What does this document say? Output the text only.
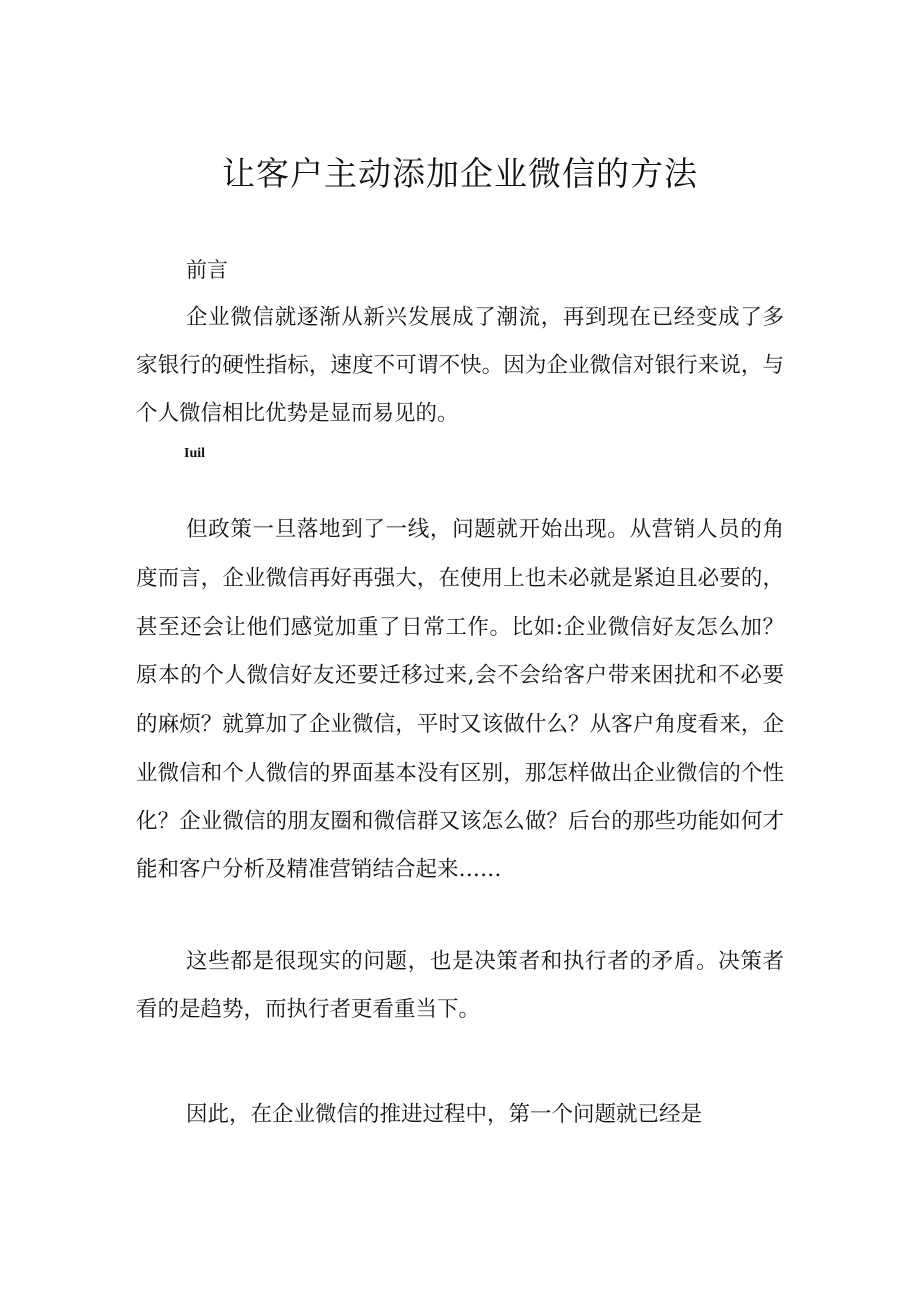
让客户主动添加企业微信的方法
前言
Iuil
企业微信就逐渐从新兴发展成了潮流，再到现在已经变成了多
家银行的硬性指标，速度不可谓不快。因为企业微信对银行来说，与
个人微信相比优势是显而易见的。
但政策一旦落地到了一线，问题就开始出现。从营销人员的角
度而言，企业微信再好再强大，在使用上也未必就是紧迫且必要的，
甚至还会让他们感觉加重了日常工作。比如:企业微信好友怎么加？
原本的个人微信好友还要迁移过来,会不会给客户带来困扰和不必要
的麻烦？就算加了企业微信，平时又该做什么？从客户角度看来，企
业微信和个人微信的界面基本没有区别，那怎样做出企业微信的个性
化？企业微信的朋友圈和微信群又该怎么做？后台的那些功能如何才
能和客户分析及精准营销结合起来……
这些都是很现实的问题，也是决策者和执行者的矛盾。决策者
看的是趋势，而执行者更看重当下。
因此，在企业微信的推进过程中，第一个问题就已经是
